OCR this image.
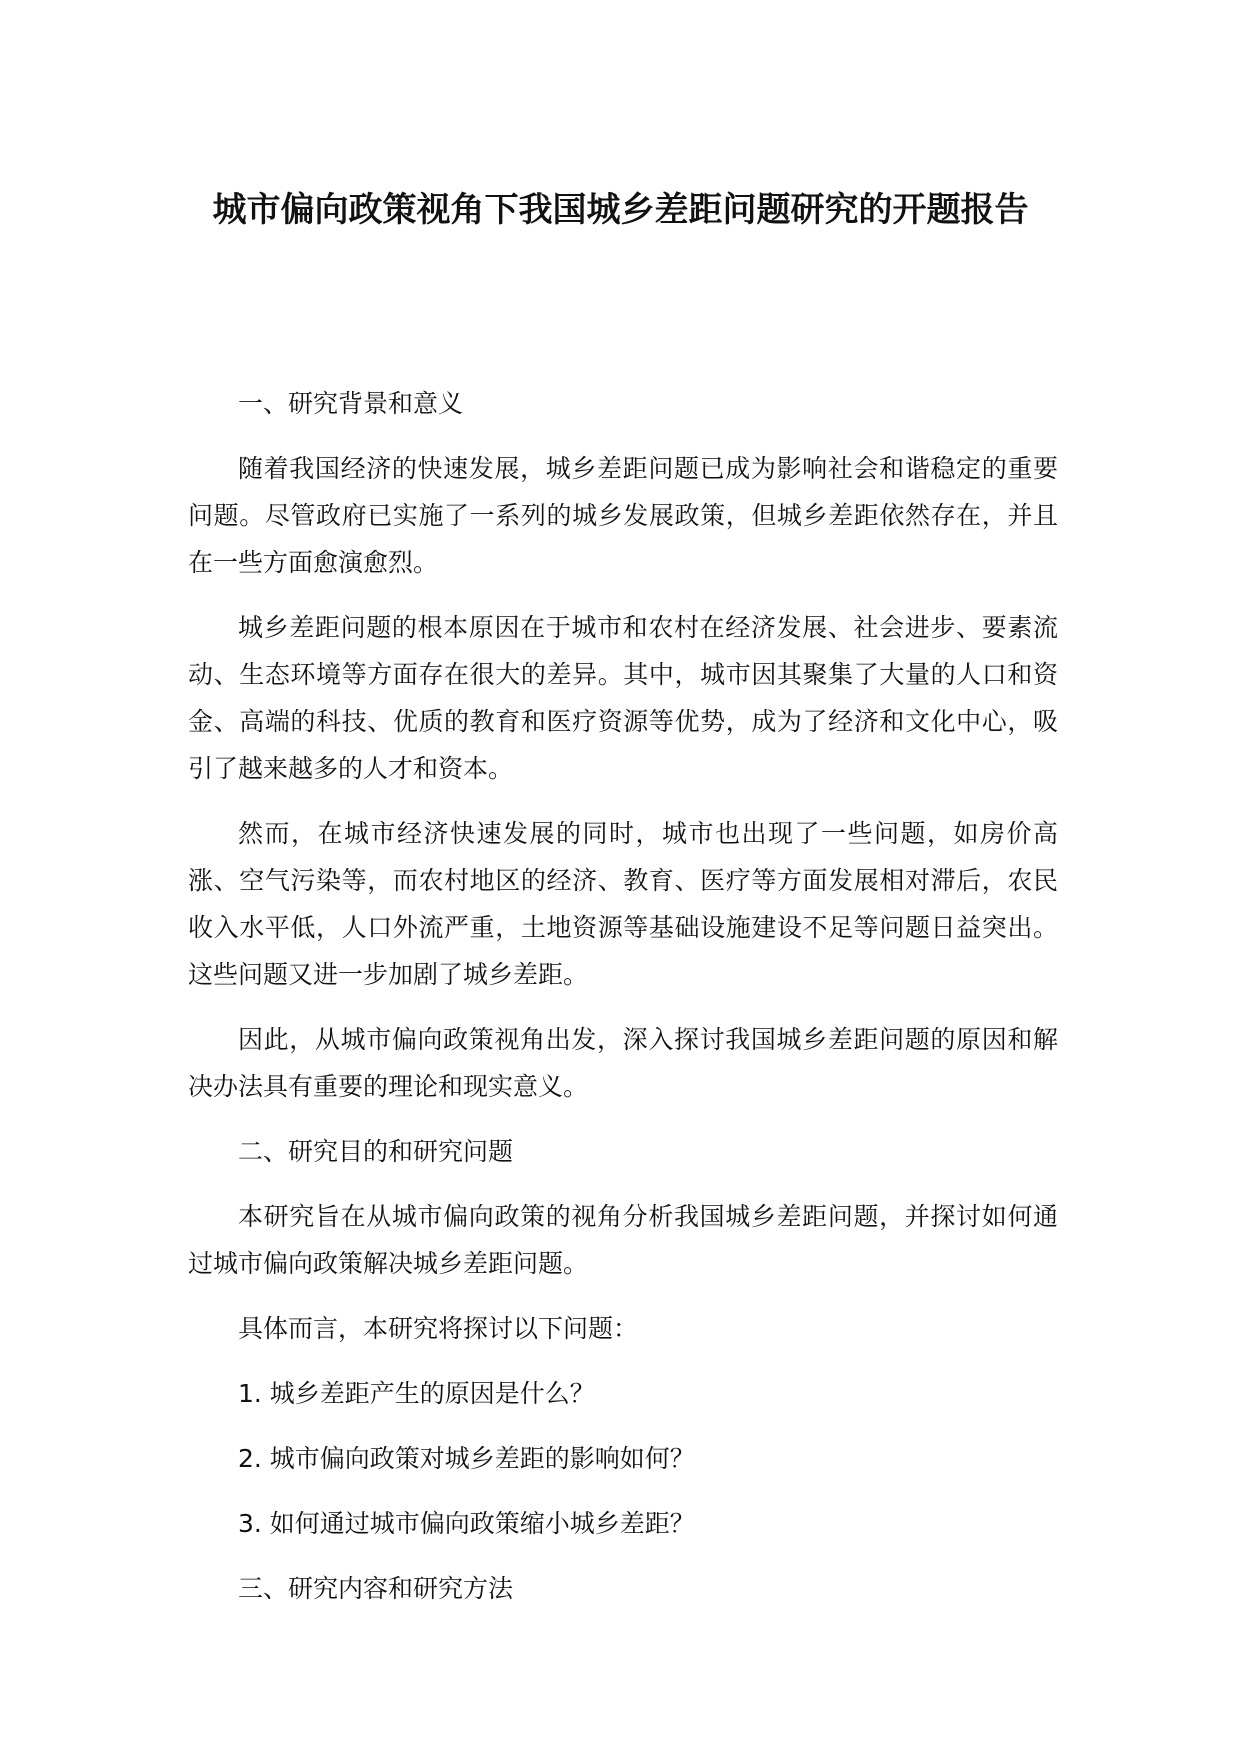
城市偏向政策视角下我国城乡差距问题研究的开题报告
一、研究背景和意义

随着我国经济的快速发展，城乡差距问题已成为影响社会和谐稳定的重要问题。尽管政府已实施了一系列的城乡发展政策，但城乡差距依然存在，并且在一些方面愈演愈烈。

城乡差距问题的根本原因在于城市和农村在经济发展、社会进步、要素流动、生态环境等方面存在很大的差异。其中，城市因其聚集了大量的人口和资金、高端的科技、优质的教育和医疗资源等优势，成为了经济和文化中心，吸引了越来越多的人才和资本。

然而，在城市经济快速发展的同时，城市也出现了一些问题，如房价高涨、空气污染等，而农村地区的经济、教育、医疗等方面发展相对滞后，农民收入水平低，人口外流严重，土地资源等基础设施建设不足等问题日益突出。这些问题又进一步加剧了城乡差距。

因此，从城市偏向政策视角出发，深入探讨我国城乡差距问题的原因和解决办法具有重要的理论和现实意义。

二、研究目的和研究问题

本研究旨在从城市偏向政策的视角分析我国城乡差距问题，并探讨如何通过城市偏向政策解决城乡差距问题。

具体而言，本研究将探讨以下问题：

1. 城乡差距产生的原因是什么？
2. 城市偏向政策对城乡差距的影响如何？
3. 如何通过城市偏向政策缩小城乡差距？
三、研究内容和研究方法
